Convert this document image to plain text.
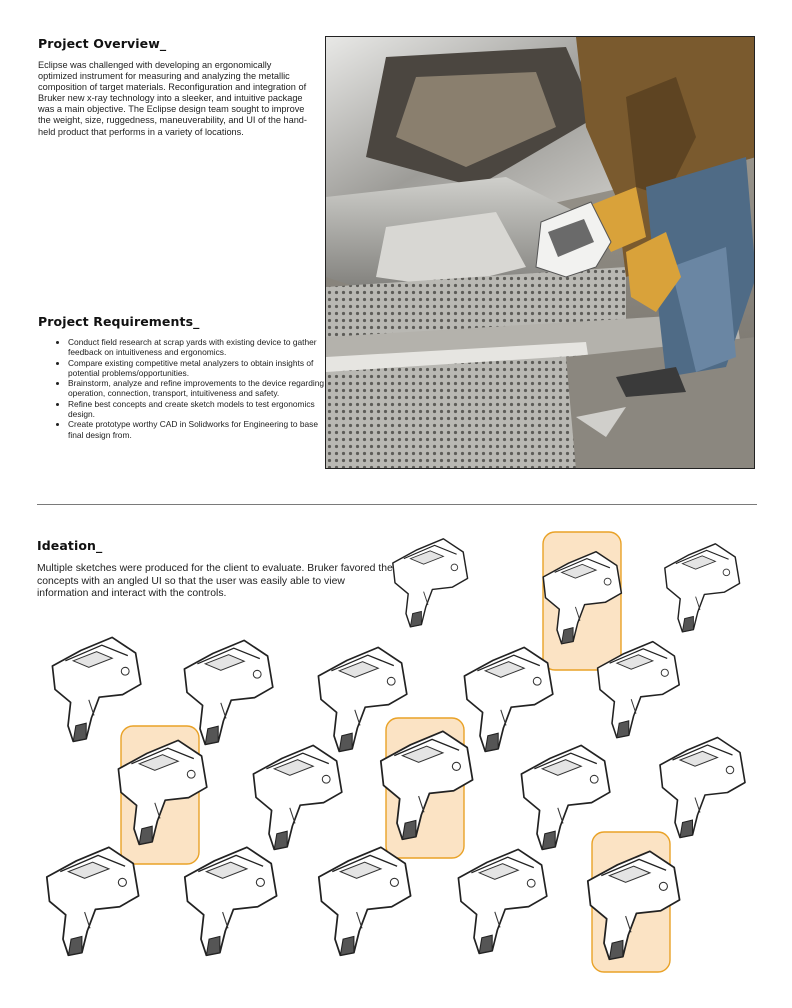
Project Overview_

Eclipse was challenged with developing an ergonomically optimized instrument for measuring and analyzing the metallic composition of target materials. Reconfiguration and integration of Bruker new x-ray technology into a sleeker, and intuitive package was a main objective. The Eclipse design team sought to improve the weight, size, ruggedness, maneuverability, and UI of the hand-held product that performs in a variety of locations.

Project Requirements_
• Conduct field research at scrap yards with existing device to gather feedback on intuitiveness and ergonomics.
• Compare existing competitive metal analyzers to obtain insights of potential problems/opportunities.
• Brainstorm, analyze and refine improvements to the device regarding operation, connection, transport, intuitiveness and safety.
• Refine best concepts and create sketch models to test ergonomics design.
• Create prototype worthy CAD in Solidworks for Engineering to base final design from.
Ideation_

Multiple sketches were produced for the client to evaluate. Bruker favored the concepts with an angled UI so that the user was easily able to view information and interact with the controls.
